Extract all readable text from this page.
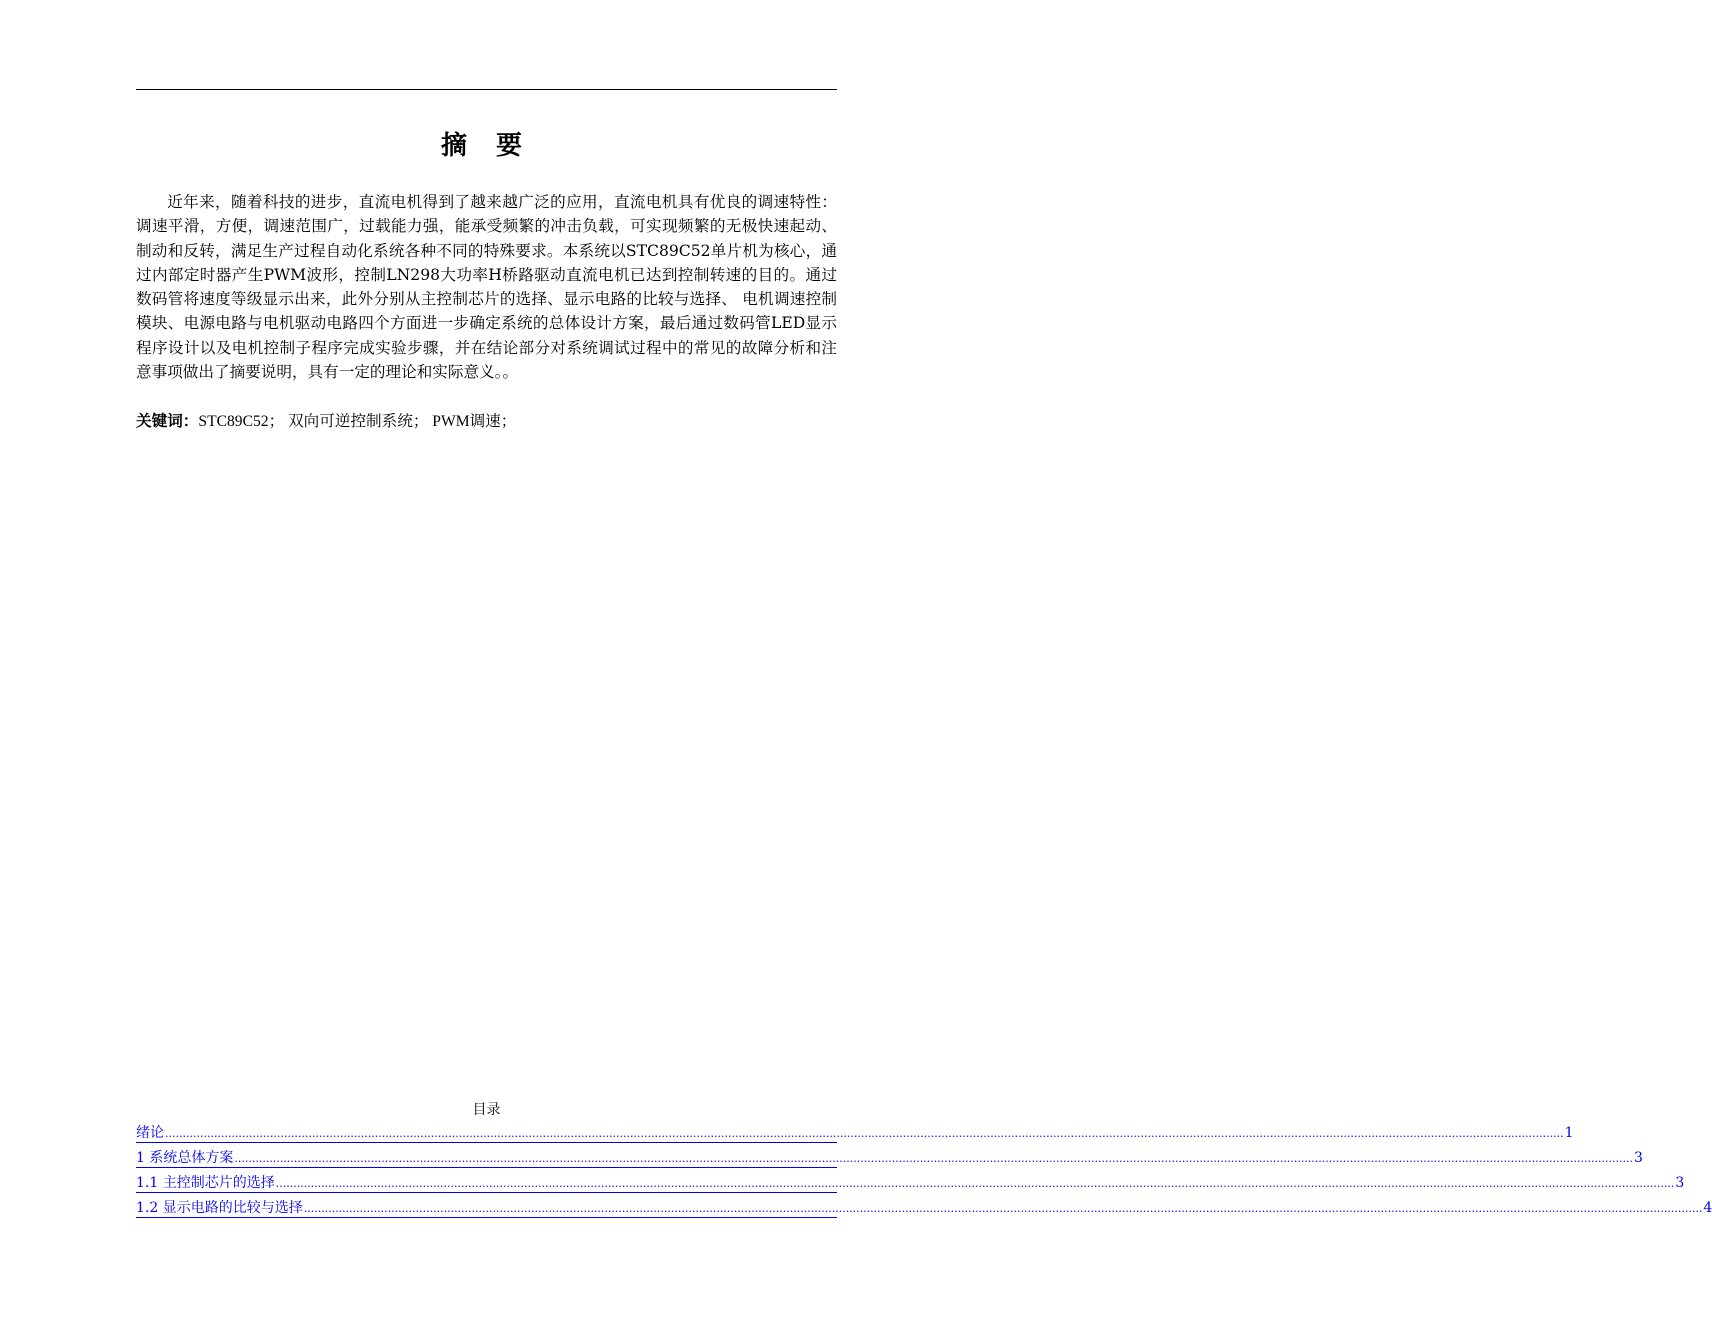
摘 要

近年来，随着科技的进步，直流电机得到了越来越广泛的应用，直流电机具有优良的调速特性：调速平滑，方便，调速范围广，过载能力强，能承受频繁的冲击负载，可实现频繁的无极快速起动、制动和反转，满足生产过程自动化系统各种不同的特殊要求。本系统以STC89C52单片机为核心，通过内部定时器产生PWM波形，控制LN298大功率H桥路驱动直流电机已达到控制转速的目的。通过数码管将速度等级显示出来，此外分别从主控制芯片的选择、显示电路的比较与选择、 电机调速控制模块、电源电路与电机驱动电路四个方面进一步确定系统的总体设计方案，最后通过数码管LED显示程序设计以及电机控制子程序完成实验步骤，并在结论部分对系统调试过程中的常见的故障分析和注意事项做出了摘要说明，具有一定的理论和实际意义。。

关键词：STC89C52； 双向可逆控制系统； PWM调速；
目录
绪论 ................................................................................................................................................................................................................................................................................................................................................................................................................ 1
1 系统总体方案 ................................................................................................................................................................................................................................................................................................................................................................................................................ 3
1.1 主控制芯片的选择 ................................................................................................................................................................................................................................................................................................................................................................................................................ 3
1.2 显示电路的比较与选择 ................................................................................................................................................................................................................................................................................................................................................................................................................ 4
